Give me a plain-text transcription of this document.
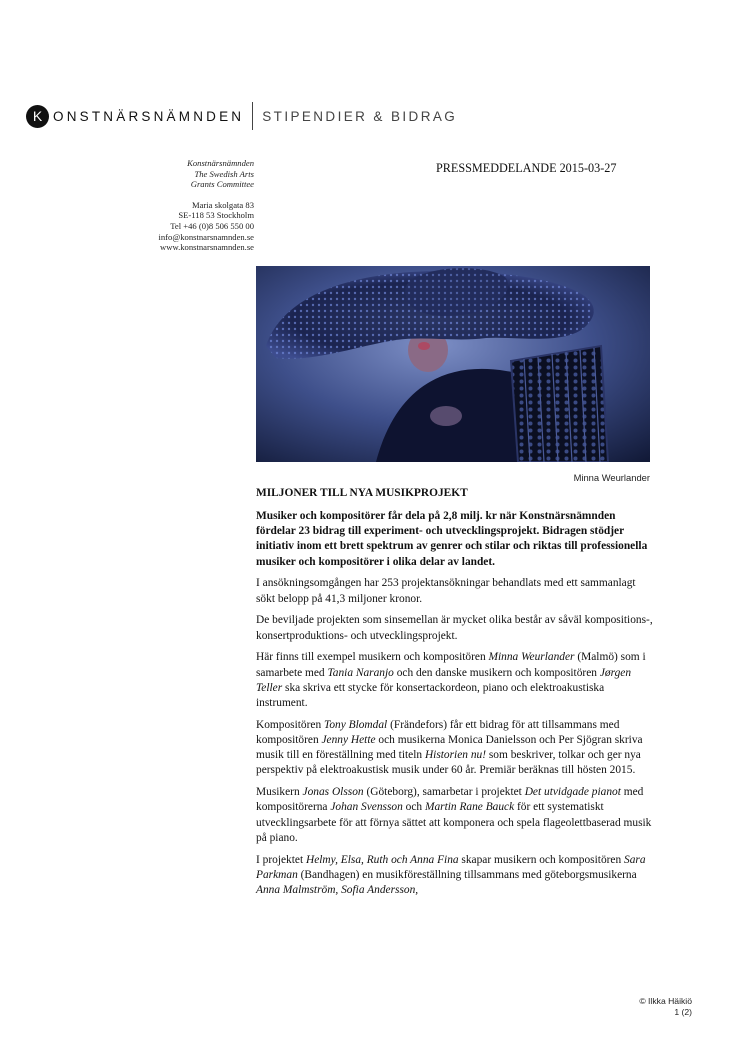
K ONSTNÄRSNÄMNDEN STIPENDIER & BIDRAG
Konstnärsnämnden
The Swedish Arts
Grants Committee
Maria skolgata 83
SE-118 53 Stockholm
Tel +46 (0)8 506 550 00
info@konstnarsnamnden.se
www.konstnarsnamnden.se
PRESSMEDDELANDE 2015-03-27
Minna Weurlander

MILJONER TILL NYA MUSIKPROJEKT

Musiker och kompositörer får dela på 2,8 milj. kr när Konstnärsnämnden fördelar 23 bidrag till experiment- och utvecklingsprojekt. Bidragen stödjer initiativ inom ett brett spektrum av genrer och stilar och riktas till professionella musiker och kompositörer i olika delar av landet.

I ansökningsomgången har 253 projektansökningar behandlats med ett sammanlagt sökt belopp på 41,3 miljoner kronor.

De beviljade projekten som sinsemellan är mycket olika består av såväl kompositions-, konsertproduktions- och utvecklingsprojekt.

Här finns till exempel musikern och kompositören Minna Weurlander (Malmö) som i samarbete med Tania Naranjo och den danske musikern och kompositören Jørgen Teller ska skriva ett stycke för konsertackordeon, piano och elektroakustiska instrument.

Kompositören Tony Blomdal (Frändefors) får ett bidrag för att tillsammans med kompositören Jenny Hette och musikerna Monica Danielsson och Per Sjögran skriva musik till en föreställning med titeln Historien nu! som beskriver, tolkar och ger nya perspektiv på elektroakustisk musik under 60 år. Premiär beräknas till hösten 2015.

Musikern Jonas Olsson (Göteborg), samarbetar i projektet Det utvidgade pianot med kompositörerna Johan Svensson och Martin Rane Bauck för ett systematiskt utvecklingsarbete för att förnya sättet att komponera och spela flageolettbaserad musik på piano.

I projektet Helmy, Elsa, Ruth och Anna Fina skapar musikern och kompositören Sara Parkman (Bandhagen) en musikföreställning tillsammans med göteborgsmusikerna Anna Malmström, Sofia Andersson,

© Ilkka Häikiö
1 (2)
